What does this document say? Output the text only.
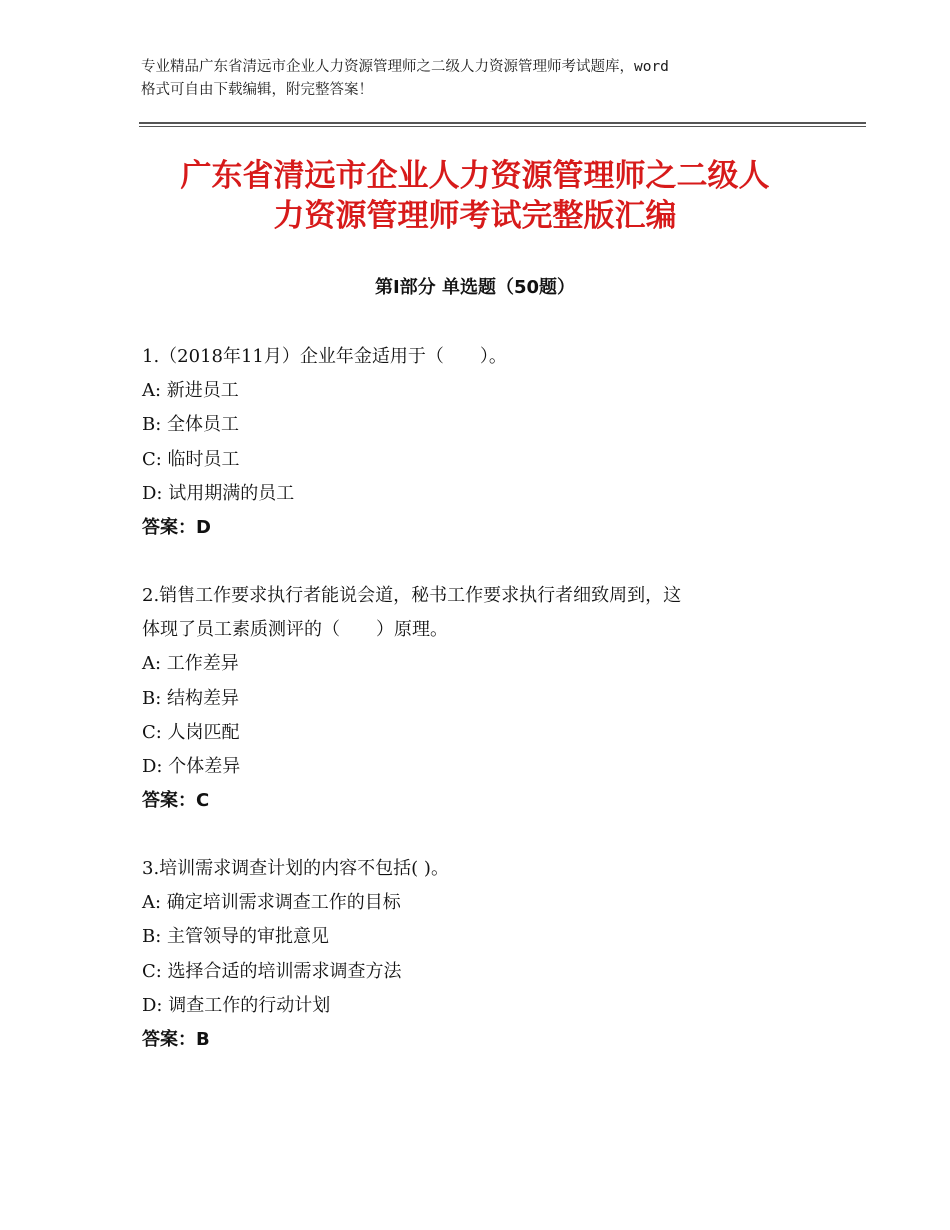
专业精品广东省清远市企业人力资源管理师之二级人力资源管理师考试题库，word
格式可自由下载编辑，附完整答案！
广东省清远市企业人力资源管理师之二级人
力资源管理师考试完整版汇编
第Ⅰ部分 单选题（50题）

1.（2018年11月）企业年金适用于（　　）。

A: 新进员工

B: 全体员工

C: 临时员工

D: 试用期满的员工

答案：D

2.销售工作要求执行者能说会道，秘书工作要求执行者细致周到，这

体现了员工素质测评的（　　）原理。

A: 工作差异

B: 结构差异

C: 人岗匹配

D: 个体差异

答案：C

3.培训需求调查计划的内容不包括( )。

A: 确定培训需求调查工作的目标

B: 主管领导的审批意见

C: 选择合适的培训需求调查方法

D: 调查工作的行动计划

答案：B
